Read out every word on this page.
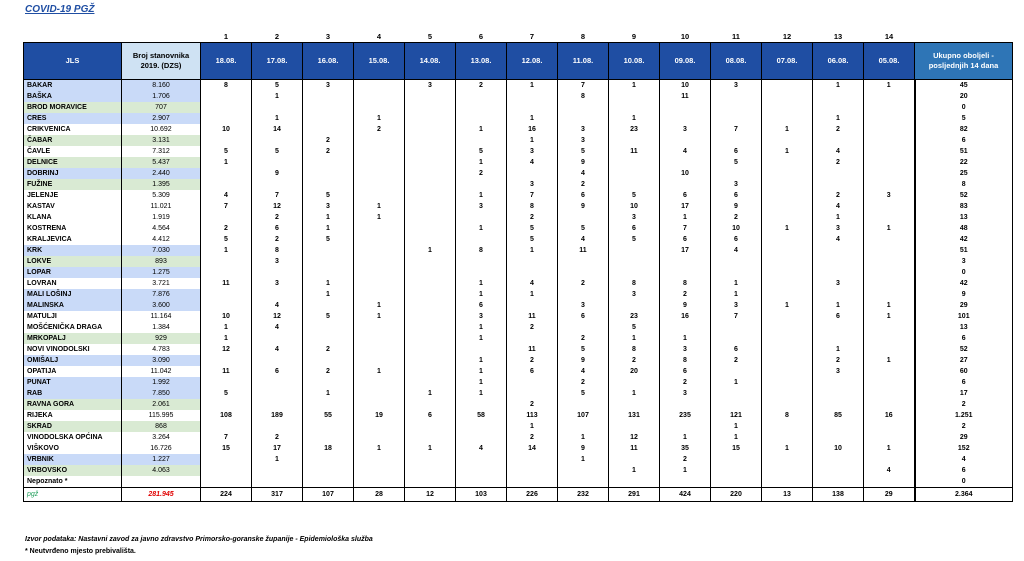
COVID-19 PGŽ
		1	2	3	4	5	6	7	8	9	10	11	12	13	14	
JLS	Broj stanovnika 2019. (DZS)	18.08.	17.08.	16.08.	15.08.	14.08.	13.08.	12.08.	11.08.	10.08.	09.08.	08.08.	07.08.	06.08.	05.08.	Ukupno oboljeli - posljednjih 14 dana
BAKAR	8.160	8	5	3		3	2	1	7	1	10	3		1	1	45
BAŠKA	1.706		1						8		11					20
BROD MORAVICE	707															0
CRES	2.907		1		1			1		1				1		5
CRIKVENICA	10.692	10	14		2		1	16	3	23	3	7	1	2		82
ČABAR	3.131			2				1	3							6
ČAVLE	7.312	5	5	2			5	3	5	11	4	6	1	4		51
DELNICE	5.437	1					1	4	9			5		2		22
DOBRINJ	2.440		9				2		4		10					25
FUŽINE	1.395							3	2			3				8
JELENJE	5.309	4	7	5			1	7	6	5	6	6		2	3	52
KASTAV	11.021	7	12	3	1		3	8	9	10	17	9		4		83
KLANA	1.919		2	1	1			2		3	1	2		1		13
KOSTRENA	4.564	2	6	1			1	5	5	6	7	10	1	3	1	48
KRALJEVICA	4.412	5	2	5				5	4	5	6	6		4		42
KRK	7.030	1	8			1	8	1	11		17	4				51
LOKVE	893		3													3
LOPAR	1.275															0
LOVRAN	3.721	11	3	1			1	4	2	8	8	1		3		42
MALI LOŠINJ	7.876			1			1	1		3	2	1				9
MALINSKA	3.600		4		1		6		3		9	3	1	1	1	29
MATULJI	11.164	10	12	5	1		3	11	6	23	16	7		6	1	101
MOŠĆENIČKA DRAGA	1.384	1	4				1	2		5						13
MRKOPALJ	929	1					1		2	1	1					6
NOVI VINODOLSKI	4.783	12	4	2				11	5	8	3	6		1		52
OMIŠALJ	3.090						1	2	9	2	8	2		2	1	27
OPATIJA	11.042	11	6	2	1		1	6	4	20	6			3		60
PUNAT	1.992						1		2		2	1				6
RAB	7.850	5		1		1	1		5	1	3					17
RAVNA GORA	2.061							2								2
RIJEKA	115.995	108	189	55	19	6	58	113	107	131	235	121	8	85	16	1.251
SKRAD	868							1				1				2
VINODOLSKA OPĆINA	3.264	7	2					2	1	12	1	1				29
VIŠKOVO	16.726	15	17	18	1	1	4	14	9	11	35	15	1	10	1	152
VRBNIK	1.227		1						1		2					4
VRBOVSKO	4.063									1	1				4	6
Nepoznato *																0
pgž	281.945	224	317	107	28	12	103	226	232	291	424	220	13	138	29	2.364
Izvor podataka: Nastavni zavod za javno zdravstvo Primorsko-goranske županije - Epidemiološka služba
* Neutvrđeno mjesto prebivališta.
